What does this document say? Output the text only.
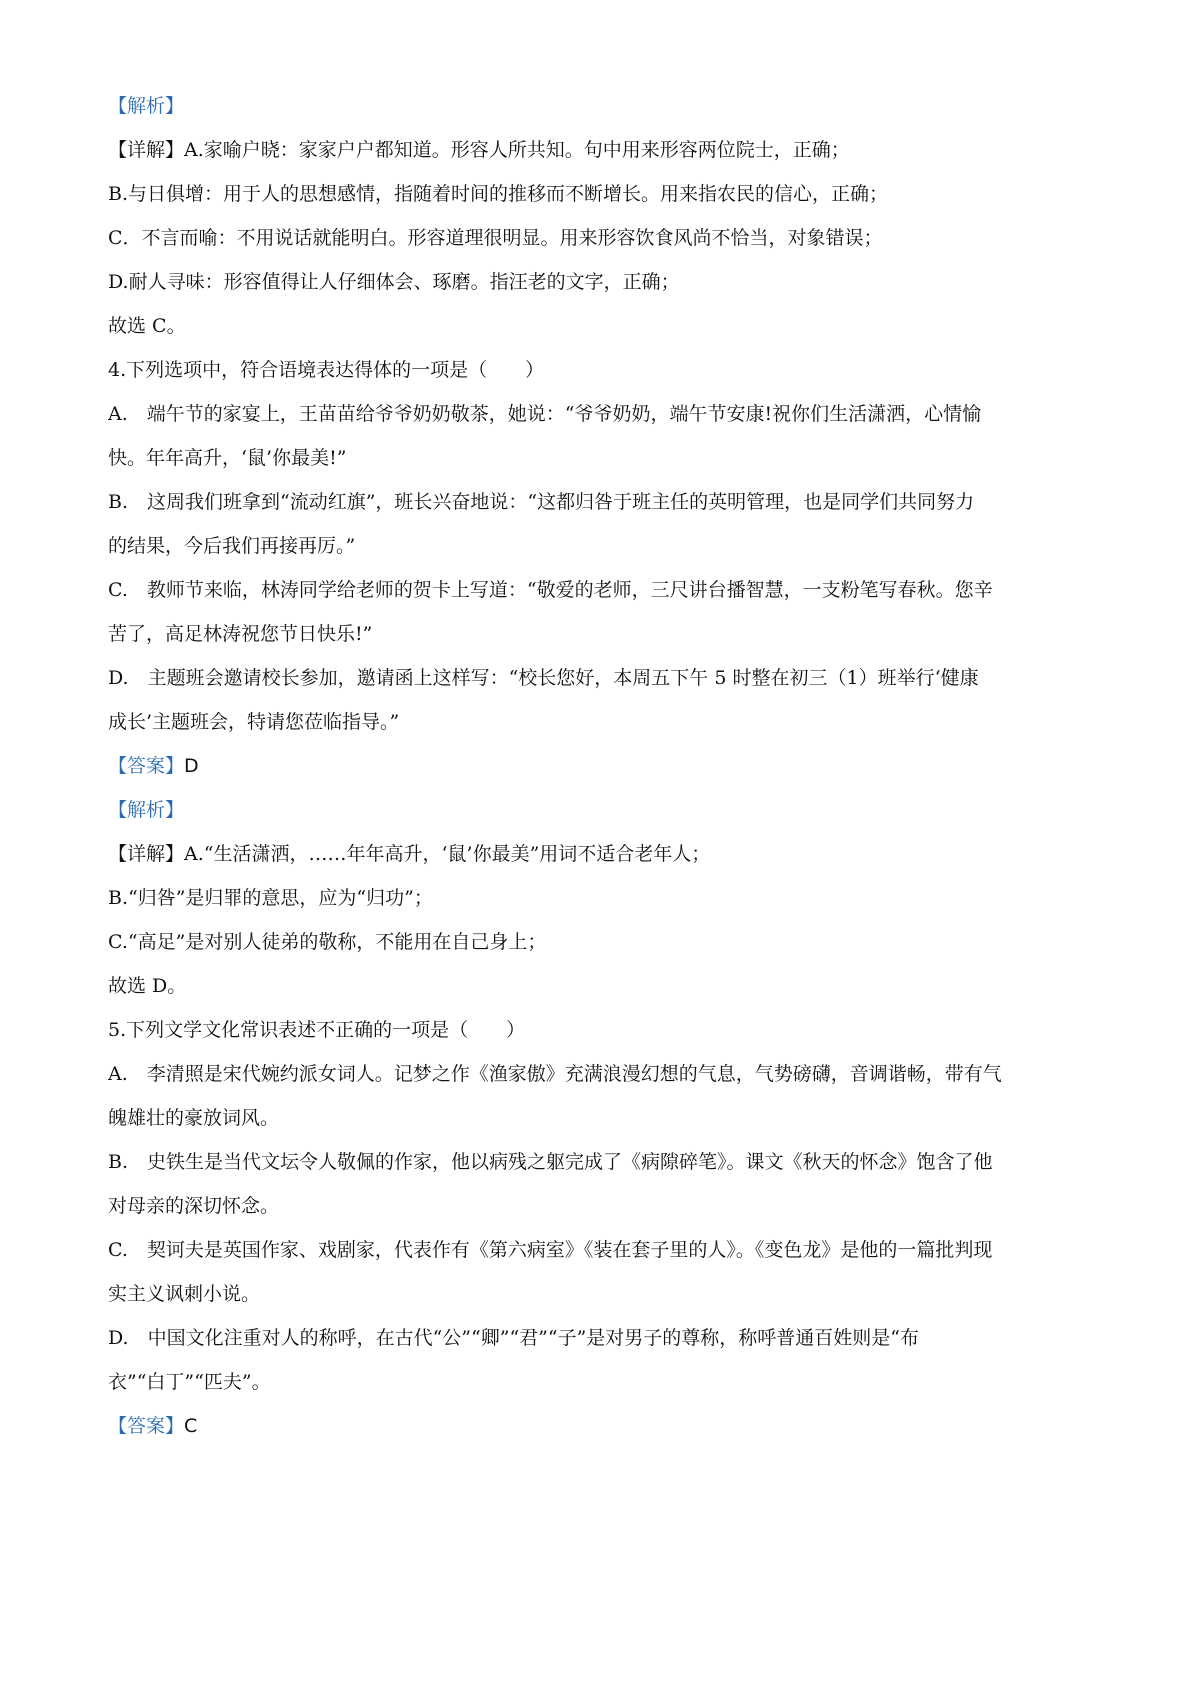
【解析】
【详解】A.家喻户晓：家家户户都知道。形容人所共知。句中用来形容两位院士，正确；
B.与日俱增：用于人的思想感情，指随着时间的推移而不断增长。用来指农民的信心，正确；
C．不言而喻：不用说话就能明白。形容道理很明显。用来形容饮食风尚不恰当，对象错误；
D.耐人寻味：形容值得让人仔细体会、琢磨。指汪老的文字，正确；
故选 C。
4.下列选项中，符合语境表达得体的一项是（　　）
A.　端午节的家宴上，王苗苗给爷爷奶奶敬茶，她说：“爷爷奶奶，端午节安康!祝你们生活潇洒，心情愉
快。年年高升，‘鼠’你最美!”
B.　这周我们班拿到“流动红旗”，班长兴奋地说：“这都归咎于班主任的英明管理，也是同学们共同努力
的结果，今后我们再接再厉。”
C.　教师节来临，林涛同学给老师的贺卡上写道：“敬爱的老师，三尺讲台播智慧，一支粉笔写春秋。您辛
苦了，高足林涛祝您节日快乐!”
D.　主题班会邀请校长参加，邀请函上这样写：“校长您好，本周五下午 5 时整在初三（1）班举行‘健康
成长’主题班会，特请您莅临指导。”
【答案】D
【解析】
【详解】A.“生活潇洒，……年年高升，‘鼠’你最美”用词不适合老年人；
B.“归咎”是归罪的意思，应为“归功”；
C.“高足”是对别人徒弟的敬称，不能用在自己身上；
故选 D。
5.下列文学文化常识表述不正确的一项是（　　）
A.　李清照是宋代婉约派女词人。记梦之作《渔家傲》充满浪漫幻想的气息，气势磅礴，音调谐畅，带有气
魄雄壮的豪放词风。
B.　史铁生是当代文坛令人敬佩的作家，他以病残之躯完成了《病隙碎笔》。课文《秋天的怀念》饱含了他
对母亲的深切怀念。
C.　契诃夫是英国作家、戏剧家，代表作有《第六病室》《装在套子里的人》。《变色龙》是他的一篇批判现
实主义讽刺小说。
D.　中国文化注重对人的称呼，在古代“公”“卿”“君”“子”是对男子的尊称，称呼普通百姓则是“布
衣”“白丁”“匹夫”。
【答案】C
